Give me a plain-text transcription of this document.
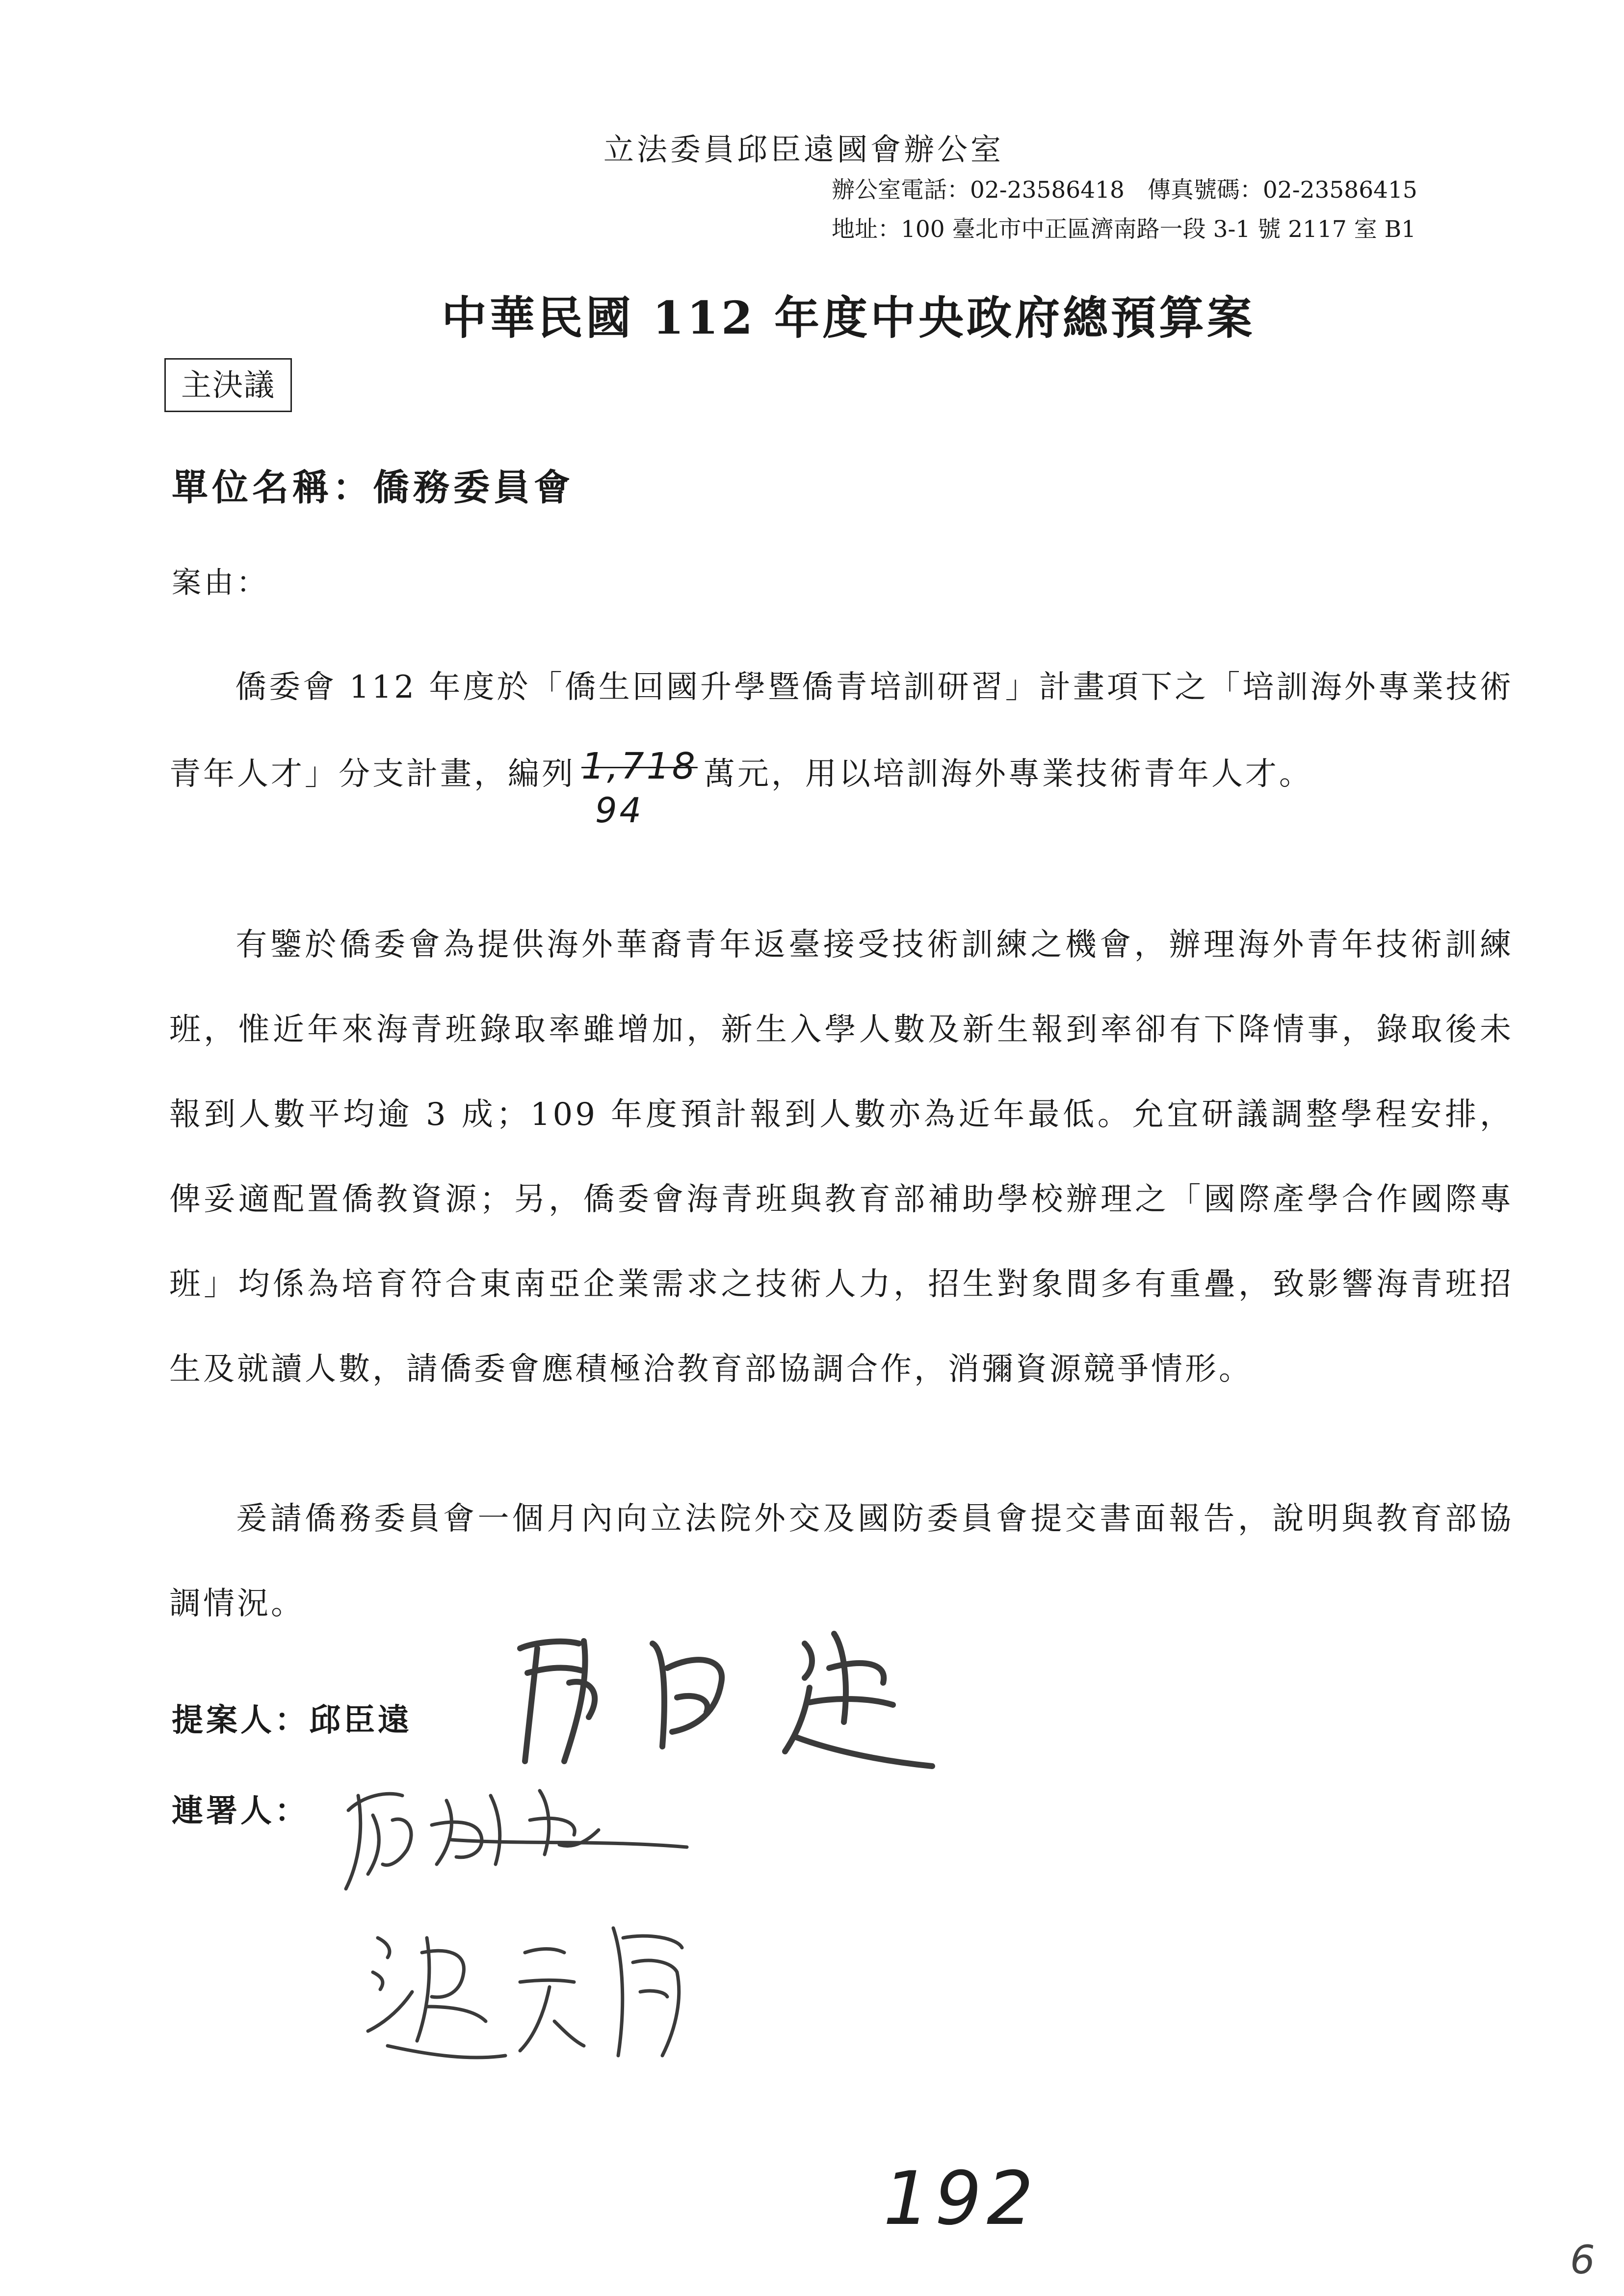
立法委員邱臣遠國會辦公室
辦公室電話：02-23586418　傳真號碼：02-23586415
地址：100 臺北市中正區濟南路一段 3-1 號 2117 室 B1
中華民國 112 年度中央政府總預算案
主決議
單位名稱：僑務委員會
案由：

僑委會 112 年度於「僑生回國升學暨僑青培訓研習」計畫項下之「培訓海外專業技術青年人才」分支計畫，編列 1,718
94
萬元，用以培訓海外專業技術青年人才。

有鑒於僑委會為提供海外華裔青年返臺接受技術訓練之機會，辦理海外青年技術訓練班，惟近年來海青班錄取率雖增加，新生入學人數及新生報到率卻有下降情事，錄取後未報到人數平均逾 3 成；109 年度預計報到人數亦為近年最低。允宜研議調整學程安排，俾妥適配置僑教資源；另，僑委會海青班與教育部補助學校辦理之「國際產學合作國際專班」均係為培育符合東南亞企業需求之技術人力，招生對象間多有重疊，致影響海青班招生及就讀人數，請僑委會應積極洽教育部協調合作，消彌資源競爭情形。

爰請僑務委員會一個月內向立法院外交及國防委員會提交書面報告，說明與教育部協調情況。

提案人：邱臣遠
連署人：
192
6
